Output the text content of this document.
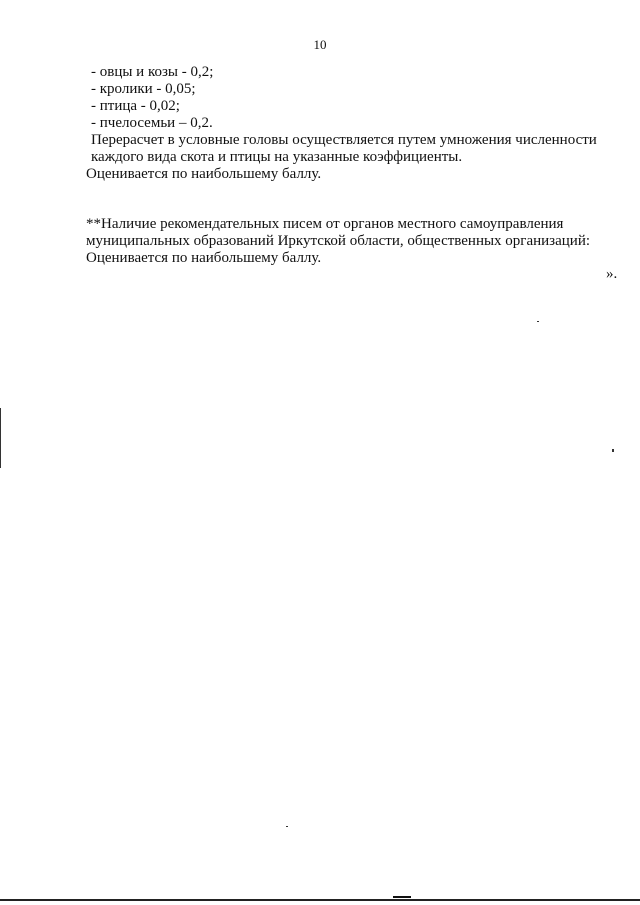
10
- овцы и козы - 0,2;
- кролики - 0,05;
- птица - 0,02;
- пчелосемьи – 0,2.
Перерасчет в условные головы осуществляется путем умножения численности
каждого вида скота и птицы на указанные коэффициенты.
Оценивается по наибольшему баллу.
**Наличие рекомендательных писем от органов местного самоуправления
муниципальных образований Иркутской области, общественных организаций:
Оценивается по наибольшему баллу.
».
